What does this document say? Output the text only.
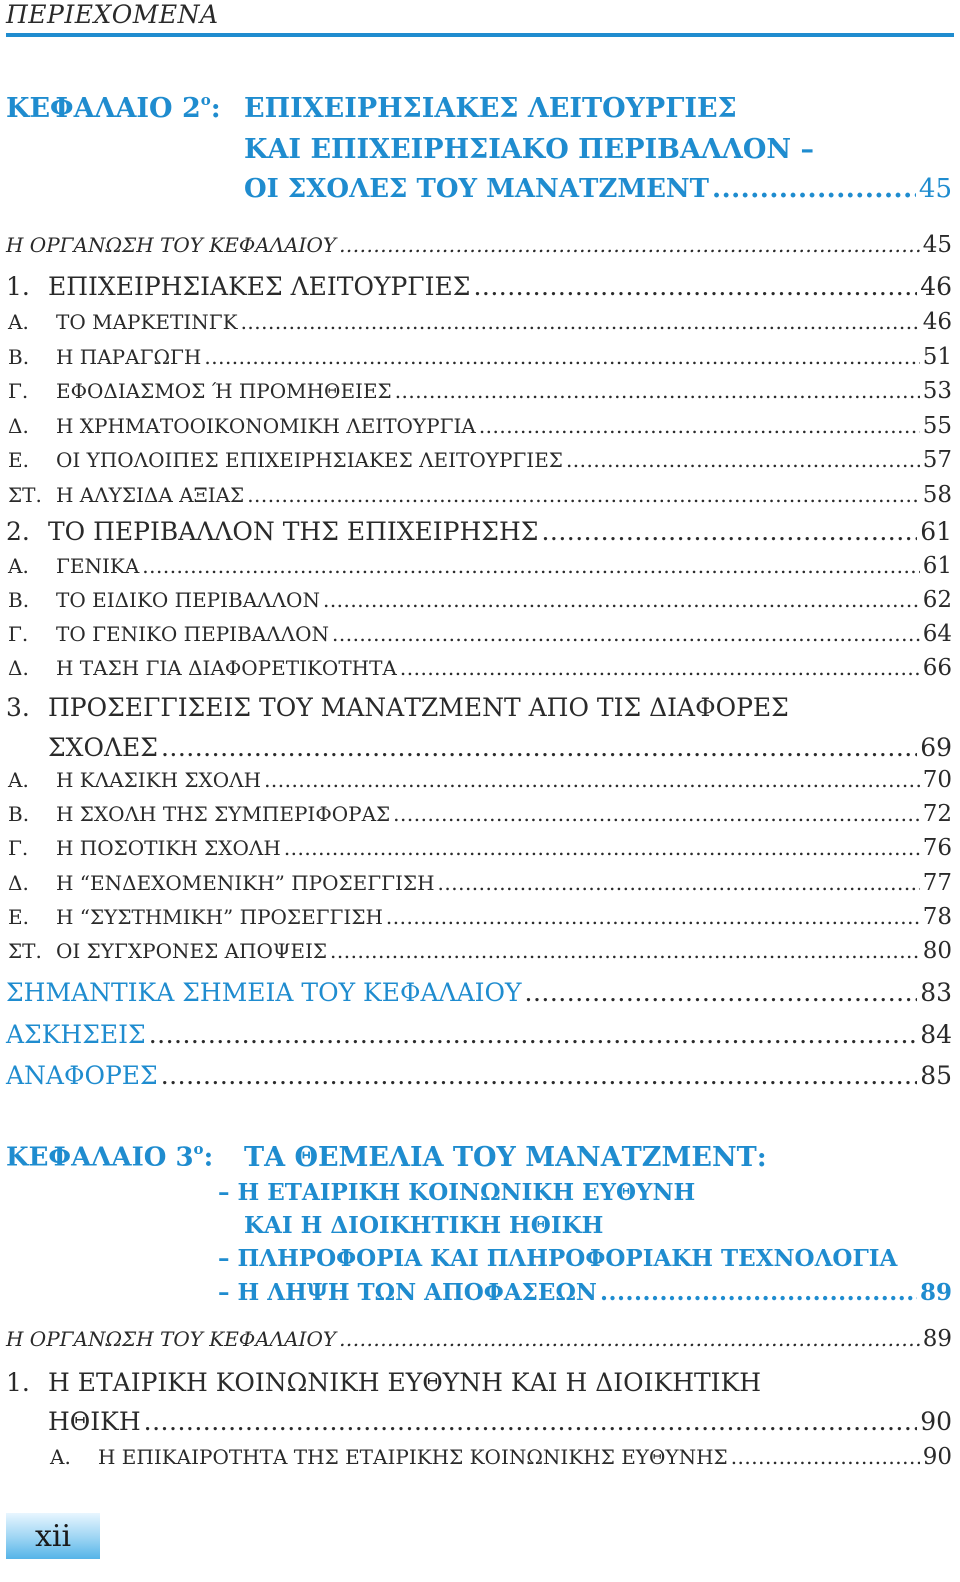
ΠΕΡΙΕΧΟΜΕΝΑ
ΚΕΦΑΛΑΙΟ $2^o$: ΕΠΙΧΕΙΡΗΣΙΑΚΕΣ ΛΕΙΤΟΥΡΓΙΕΣ
ΚΑΙ ΕΠΙΧΕΙΡΗΣΙΑΚΟ ΠΕΡΙΒΑΛΛΟΝ –
ΟΙ ΣΧΟΛΕΣ ΤΟΥ ΜΑΝΑΤΖΜΕΝΤ .....	45
Η ΟΡΓΑΝΩΣΗ ΤΟΥ ΚΕΦΑΛΑΙΟΥ .....	45
1. ΕΠΙΧΕΙΡΗΣΙΑΚΕΣ ΛΕΙΤΟΥΡΓΙΕΣ .....	46
Α.	ΤΟ ΜΑΡΚΕΤΙΝΓΚ .....	46
Β.	Η ΠΑΡΑΓΩΓΗ .....	51
Γ.	ΕΦΟΔΙΑΣΜΟΣ Ή ΠΡΟΜΗΘΕΙΕΣ .....	53
Δ.	Η ΧΡΗΜΑΤΟΟΙΚΟΝΟΜΙΚΗ ΛΕΙΤΟΥΡΓΙΑ .....	55
Ε.	ΟΙ ΥΠΟΛΟΙΠΕΣ ΕΠΙΧΕΙΡΗΣΙΑΚΕΣ ΛΕΙΤΟΥΡΓΙΕΣ .....	57
ΣΤ. Η ΑΛΥΣΙΔΑ ΑΞΙΑΣ .....	58
2. ΤΟ ΠΕΡΙΒΑΛΛΟΝ ΤΗΣ ΕΠΙΧΕΙΡΗΣΗΣ .....	61
Α.	ΓΕΝΙΚΑ .....	61
Β.	ΤΟ ΕΙΔΙΚΟ ΠΕΡΙΒΑΛΛΟΝ .....	62
Γ.	ΤΟ ΓΕΝΙΚΟ ΠΕΡΙΒΑΛΛΟΝ .....	64
Δ.	Η ΤΑΣΗ ΓΙΑ ΔΙΑΦΟΡΕΤΙΚΟΤΗΤΑ .....	66
3. ΠΡΟΣΕΓΓΙΣΕΙΣ ΤΟΥ ΜΑΝΑΤΖΜΕΝΤ ΑΠΟ ΤΙΣ ΔΙΑΦΟΡΕΣ
ΣΧΟΛΕΣ .....	69
Α.	Η ΚΛΑΣΙΚΗ ΣΧΟΛΗ .....	70
Β.	Η ΣΧΟΛΗ ΤΗΣ ΣΥΜΠΕΡΙΦΟΡΑΣ .....	72
Γ.	Η ΠΟΣΟΤΙΚΗ ΣΧΟΛΗ .....	76
Δ.	Η “ΕΝΔΕΧΟΜΕΝΙΚΗ” ΠΡΟΣΕΓΓΙΣΗ .....	77
Ε.	Η “ΣΥΣΤΗΜΙΚΗ” ΠΡΟΣΕΓΓΙΣΗ .....	78
ΣΤ. ΟΙ ΣΥΓΧΡΟΝΕΣ ΑΠΟΨΕΙΣ .....	80
ΣΗΜΑΝΤΙΚΑ ΣΗΜΕΙΑ ΤΟΥ ΚΕΦΑΛΑΙΟΥ .....	83
ΑΣΚΗΣΕΙΣ .....	84
ΑΝΑΦΟΡΕΣ .....	85
ΚΕΦΑΛΑΙΟ $3^o$: ΤΑ ΘΕΜΕΛΙΑ ΤΟΥ ΜΑΝΑΤΖΜΕΝΤ:
– Η ΕΤΑΙΡΙΚΗ ΚΟΙΝΩΝΙΚΗ ΕΥΘΥΝΗ
ΚΑΙ Η ΔΙΟΙΚΗΤΙΚΗ ΗΘΙΚΗ
– ΠΛΗΡΟΦΟΡΙΑ ΚΑΙ ΠΛΗΡΟΦΟΡΙΑΚΗ ΤΕΧΝΟΛΟΓΙΑ
– Η ΛΗΨΗ ΤΩΝ ΑΠΟΦΑΣΕΩΝ .....	89
Η ΟΡΓΑΝΩΣΗ ΤΟΥ ΚΕΦΑΛΑΙΟΥ .....	89
1. Η ΕΤΑΙΡΙΚΗ ΚΟΙΝΩΝΙΚΗ ΕΥΘΥΝΗ ΚΑΙ Η ΔΙΟΙΚΗΤΙΚΗ
ΗΘΙΚΗ .....	90
Α.	Η ΕΠΙΚΑΙΡΟΤΗΤΑ ΤΗΣ ΕΤΑΙΡΙΚΗΣ ΚΟΙΝΩΝΙΚΗΣ ΕΥΘΥΝΗΣ .....	90
xii
